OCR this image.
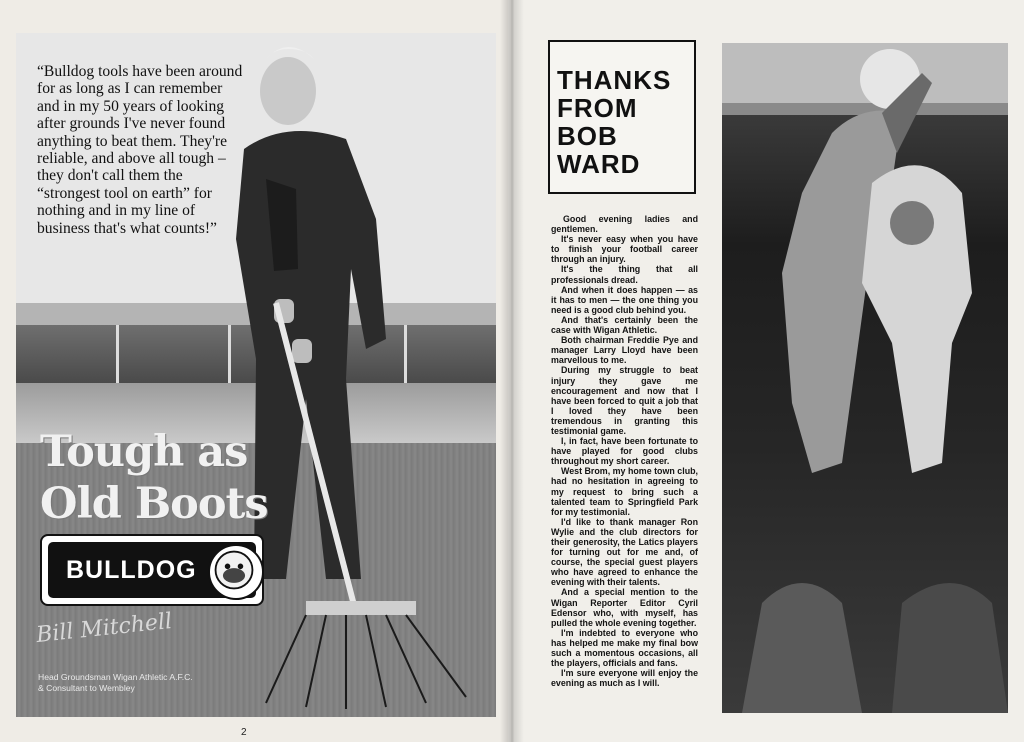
“Bulldog tools have been around for as long as I can remember and in my 50 years of looking after grounds I've never found anything to beat them. They're reliable, and above all tough – they don't call them the “strongest tool on earth” for nothing and in my line of business that's what counts!”
Tough as
Old Boots
BULLDOG
Bill Mitchell
Head Groundsman Wigan Athletic A.F.C.
& Consultant to Wembley
2
THANKS
FROM
BOB
WARD

Good evening ladies and gentlemen.

It's never easy when you have to finish your football career through an injury.

It's the thing that all professionals dread.

And when it does happen — as it has to men — the one thing you need is a good club behind you.

And that's certainly been the case with Wigan Athletic.

Both chairman Freddie Pye and manager Larry Lloyd have been marvellous to me.

During my struggle to beat injury they gave me encouragement and now that I have been forced to quit a job that I loved they have been tremendous in granting this testimonial game.

I, in fact, have been fortunate to have played for good clubs throughout my short career.

West Brom, my home town club, had no hesitation in agreeing to my request to bring such a talented team to Springfield Park for my testimonial.

I'd like to thank manager Ron Wylie and the club directors for their generosity, the Latics players for turning out for me and, of course, the special guest players who have agreed to enhance the evening with their talents.

And a special mention to the Wigan Reporter Editor Cyril Edensor who, with myself, has pulled the whole evening together.

I'm indebted to everyone who has helped me make my final bow such a momentous occasions, all the players, officials and fans.

I'm sure everyone will enjoy the evening as much as I will.
